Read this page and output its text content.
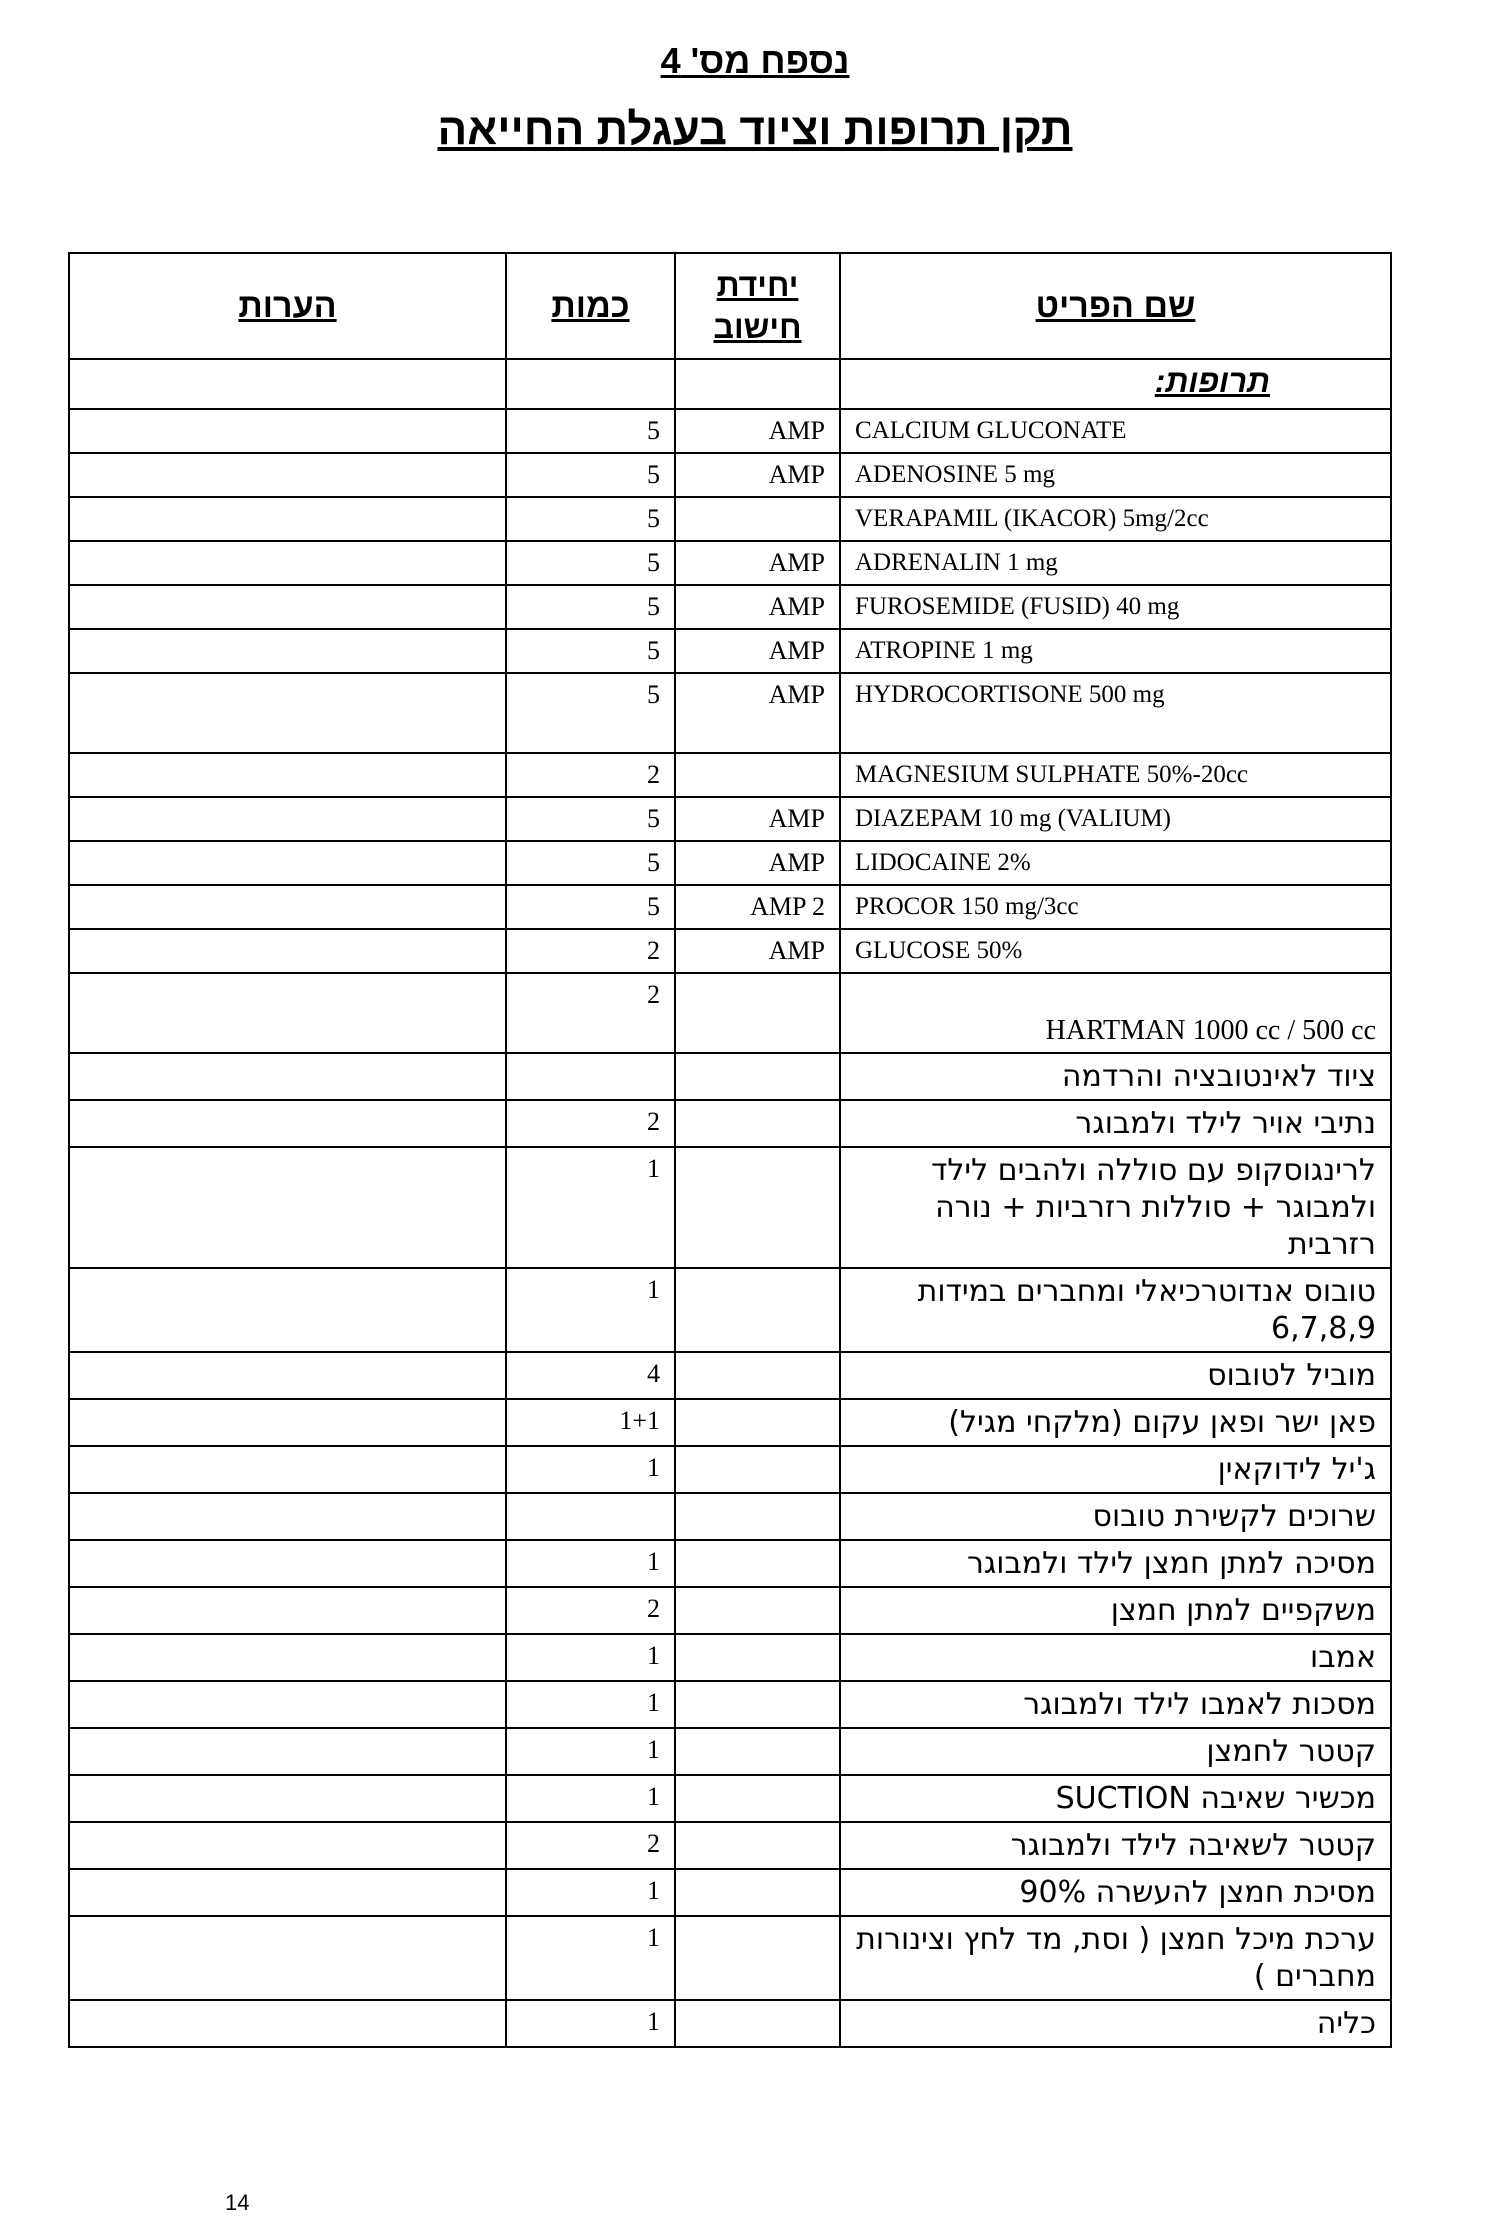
נספח מס' 4
תקן תרופות וציוד בעגלת החייאה
הערות	כמות	יחידת חישוב	שם הפריט
			תרופות:
	5	AMP	CALCIUM GLUCONATE
	5	AMP	ADENOSINE 5 mg
	5		VERAPAMIL (IKACOR) 5mg/2cc
	5	AMP	ADRENALIN 1 mg
	5	AMP	FUROSEMIDE (FUSID) 40 mg
	5	AMP	ATROPINE 1 mg
	5	AMP	HYDROCORTISONE 500 mg
	2		MAGNESIUM SULPHATE 50%-20cc
	5	AMP	DIAZEPAM 10 mg (VALIUM)
	5	AMP	LIDOCAINE 2%
	5	AMP 2	PROCOR 150 mg/3cc
	2	AMP	GLUCOSE 50%
	2		HARTMAN 1000 cc / 500 cc
			ציוד לאינטובציה והרדמה
	2		נתיבי אויר לילד ולמבוגר
	1		לרינגוסקופ עם סוללה ולהבים לילד ולמבוגר + סוללות רזרביות + נורה רזרבית
	1		טובוס אנדוטרכיאלי ומחברים במידות 6,7,8,9
	4		מוביל לטובוס
	1+1		פאן ישר ופאן עקום (מלקחי מגיל)
	1		ג'יל לידוקאין
			שרוכים לקשירת טובוס
	1		מסיכה למתן חמצן לילד ולמבוגר
	2		משקפיים למתן חמצן
	1		אמבו
	1		מסכות לאמבו לילד ולמבוגר
	1		קטטר לחמצן
	1		מכשיר שאיבה SUCTION
	2		קטטר לשאיבה לילד ולמבוגר
	1		מסיכת חמצן להעשרה 90%
	1		ערכת מיכל חמצן ( וסת, מד לחץ וצינורות מחברים )
	1		כליה
14
